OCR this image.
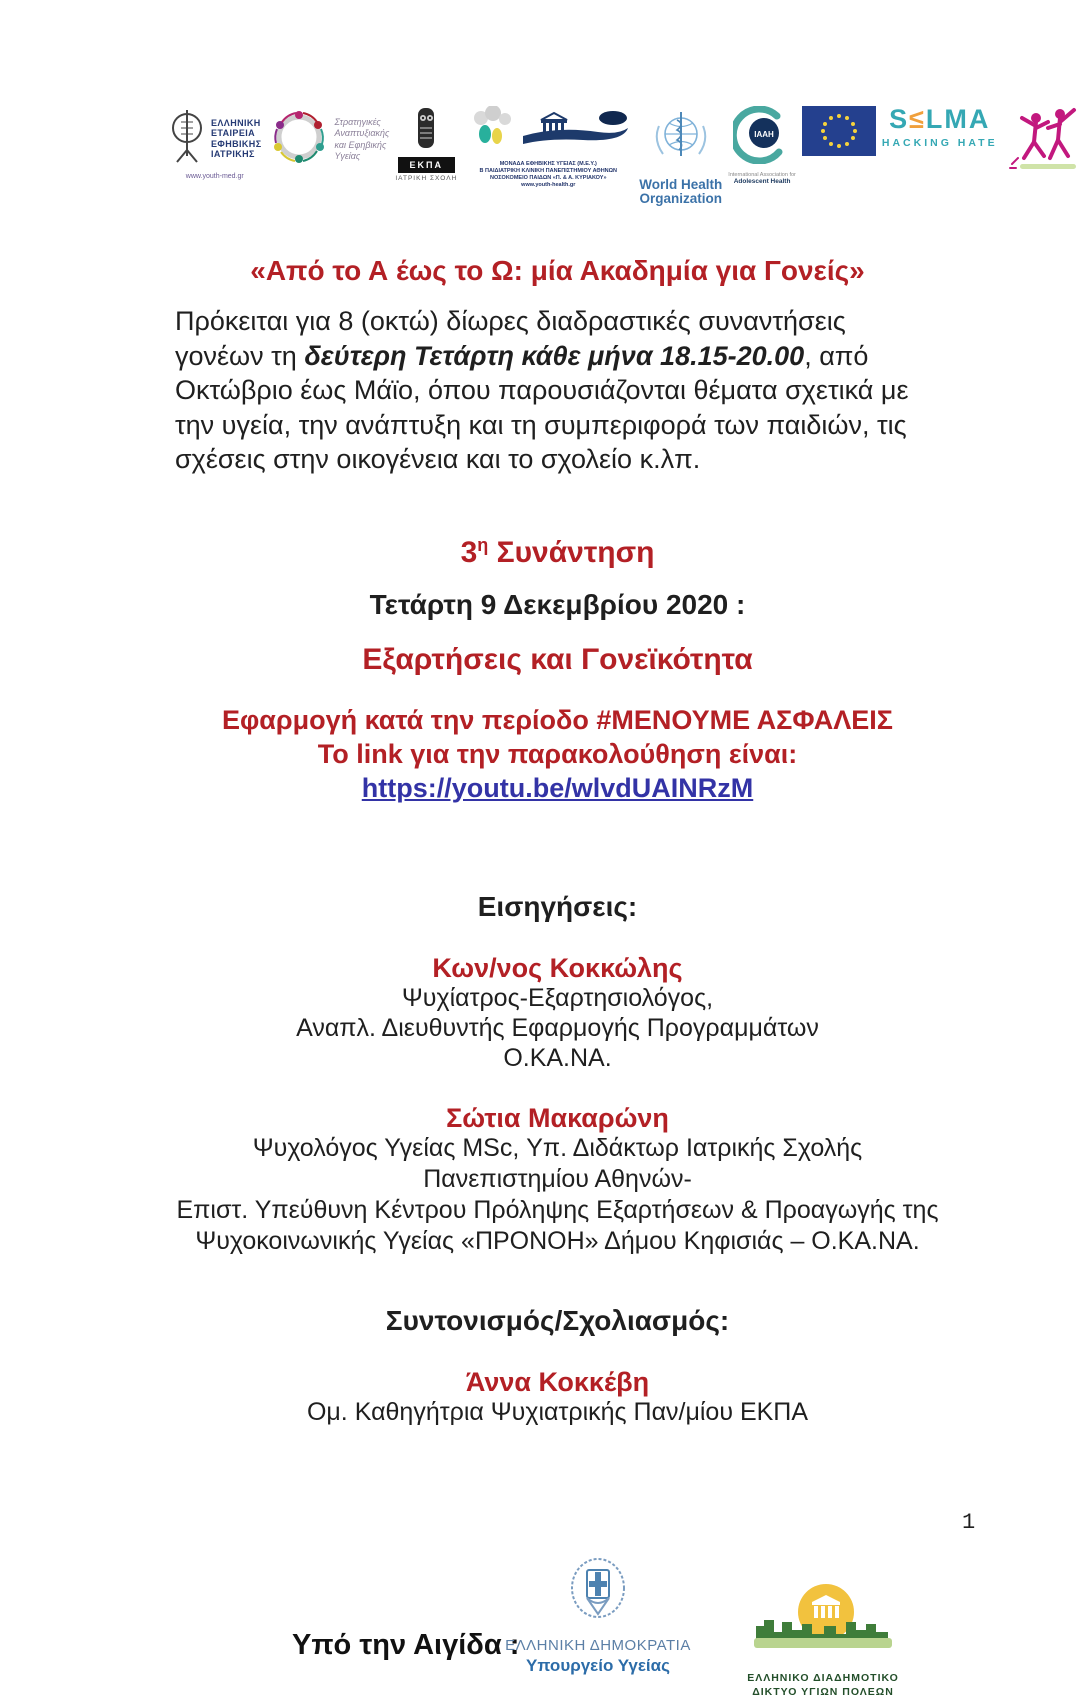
ΕΛΛΗΝΙΚΗ
ΕΤΑΙΡΕΙΑ
ΕΦΗΒΙΚΗΣ
ΙΑΤΡΙΚΗΣ
www.youth-med.gr
Στρατηγικές
Αναπτυξιακής
και Εφηβικής
Υγείας
ΕΚΠΑ
ΙΑΤΡΙΚΗ ΣΧΟΛΗ
ΜΟΝΑΔΑ ΕΦΗΒΙΚΗΣ ΥΓΕΙΑΣ (Μ.Ε.Υ.)
Β ΠΑΙΔΙΑΤΡΙΚΗ ΚΛΙΝΙΚΗ ΠΑΝΕΠΙΣΤΗΜΙΟΥ ΑΘΗΝΩΝ
ΝΟΣΟΚΟΜΕΙΟ ΠΑΙΔΩΝ «Π. & Α. ΚΥΡΙΑΚΟΥ»
www.youth-health.gr	World Health
Organization
IAAH
International Association for
Adolescent Health
S≤LMA
HACKING HATE
«Από το Α έως το Ω: μία Ακαδημία για Γονείς»

Πρόκειται για 8 (οκτώ) δίωρες διαδραστικές συναντήσεις γονέων τη δεύτερη Τετάρτη κάθε μήνα 18.15-20.00, από Οκτώβριο έως Μάϊο, όπου παρουσιάζονται θέματα σχετικά με την υγεία, την ανάπτυξη και τη συμπεριφορά των παιδιών, τις σχέσεις στην οικογένεια και το σχολείο κ.λπ.

$3^\eta$ Συνάντηση
Τετάρτη 9 Δεκεμβρίου 2020 :
Εξαρτήσεις και Γονεϊκότητα
Εφαρμογή κατά την περίοδο #ΜΕΝΟΥΜΕ ΑΣΦΑΛΕΙΣ
Το link για την παρακολούθηση είναι: https://youtu.be/wlvdUAINRzM
Εισηγήσεις:
Κων/νος Κοκκώλης
Ψυχίατρος-Εξαρτησιολόγος,
Αναπλ. Διευθυντής Εφαρμογής Προγραμμάτων
Ο.ΚΑ.ΝΑ.
Σώτια Μακαρώνη
Ψυχολόγος Υγείας MSc, Υπ. Διδάκτωρ Ιατρικής Σχολής Πανεπιστημίου Αθηνών-
Επιστ. Υπεύθυνη Κέντρου Πρόληψης Εξαρτήσεων & Προαγωγής της
Ψυχοκοινωνικής Υγείας «ΠΡΟΝΟΗ» Δήμου Κηφισιάς – Ο.ΚΑ.ΝΑ.
Συντονισμός/Σχολιασμός:
Άννα Κοκκέβη
Ομ. Καθηγήτρια Ψυχιατρικής Παν/μίου ΕΚΠΑ
1
Υπό την Αιγίδα :
ΕΛΛΗΝΙΚΗ ΔΗΜΟΚΡΑΤΙΑ
Υπουργείο Υγείας
ΕΛΛΗΝΙΚΟ ΔΙΑΔΗΜΟΤΙΚΟ
ΔΙΚΤΥΟ ΥΓΙΩΝ ΠΟΛΕΩΝ
